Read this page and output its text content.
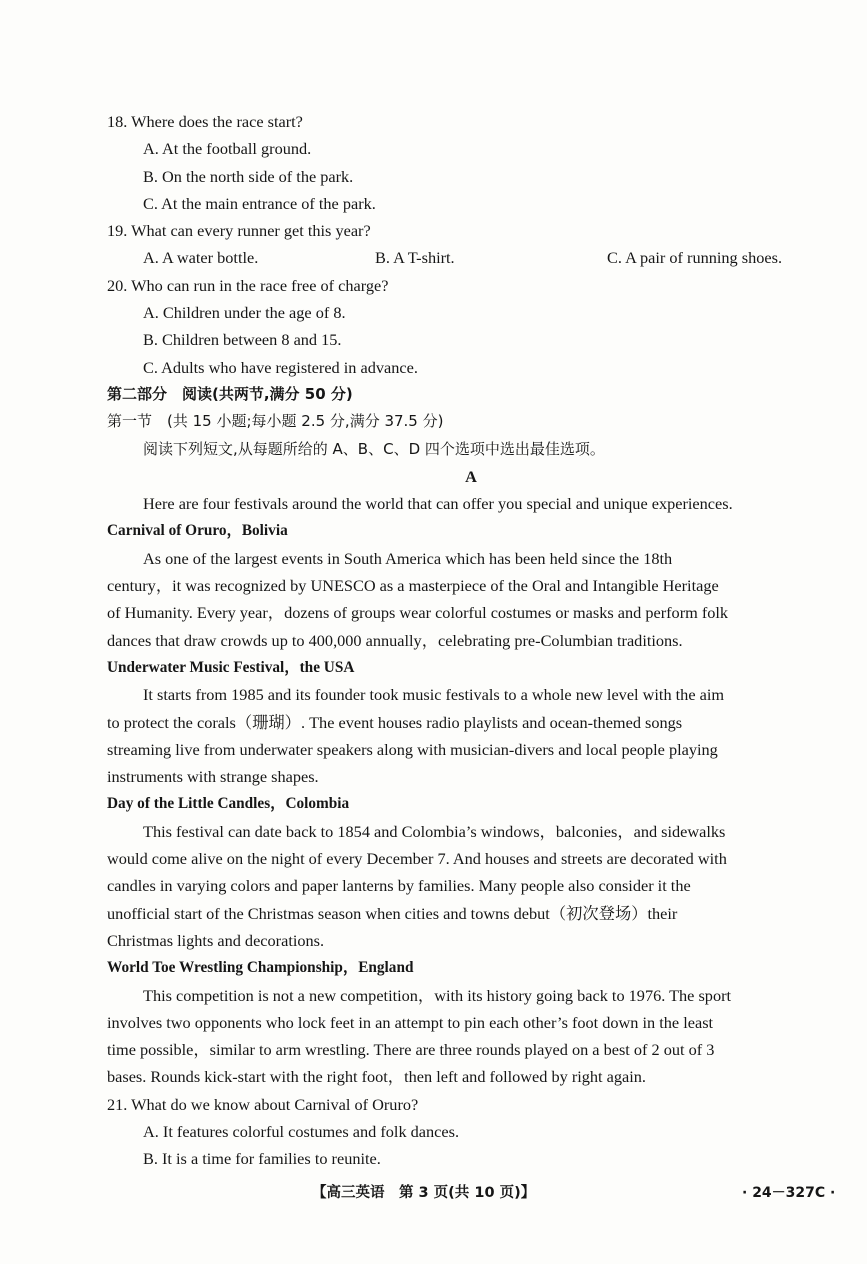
18. Where does the race start?
A. At the football ground.
B. On the north side of the park.
C. At the main entrance of the park.
19. What can every runner get this year?
A. A water bottle.	B. A T-shirt.	C. A pair of running shoes.
20. Who can run in the race free of charge?
A. Children under the age of 8.
B. Children between 8 and 15.
C. Adults who have registered in advance.
第二部分　阅读(共两节,满分 50 分)
第一节　(共 15 小题;每小题 2.5 分,满分 37.5 分)
阅读下列短文,从每题所给的 A、B、C、D 四个选项中选出最佳选项。
A
Here are four festivals around the world that can offer you special and unique experiences.
Carnival of Oruro，Bolivia
As one of the largest events in South America which has been held since the 18th
century，it was recognized by UNESCO as a masterpiece of the Oral and Intangible Heritage
of Humanity. Every year，dozens of groups wear colorful costumes or masks and perform folk
dances that draw crowds up to 400,000 annually，celebrating pre-Columbian traditions.
Underwater Music Festival，the USA
It starts from 1985 and its founder took music festivals to a whole new level with the aim
to protect the corals（珊瑚）. The event houses radio playlists and ocean-themed songs
streaming live from underwater speakers along with musician-divers and local people playing
instruments with strange shapes.
Day of the Little Candles，Colombia
This festival can date back to 1854 and Colombia’s windows，balconies，and sidewalks
would come alive on the night of every December 7. And houses and streets are decorated with
candles in varying colors and paper lanterns by families. Many people also consider it the
unofficial start of the Christmas season when cities and towns debut（初次登场）their
Christmas lights and decorations.
World Toe Wrestling Championship，England
This competition is not a new competition，with its history going back to 1976. The sport
involves two opponents who lock feet in an attempt to pin each other’s foot down in the least
time possible，similar to arm wrestling. There are three rounds played on a best of 2 out of 3
bases. Rounds kick-start with the right foot，then left and followed by right again.
21. What do we know about Carnival of Oruro?
A. It features colorful costumes and folk dances.
B. It is a time for families to reunite.
【高三英语　第 3 页(共 10 页)】	· 24－327C ·
